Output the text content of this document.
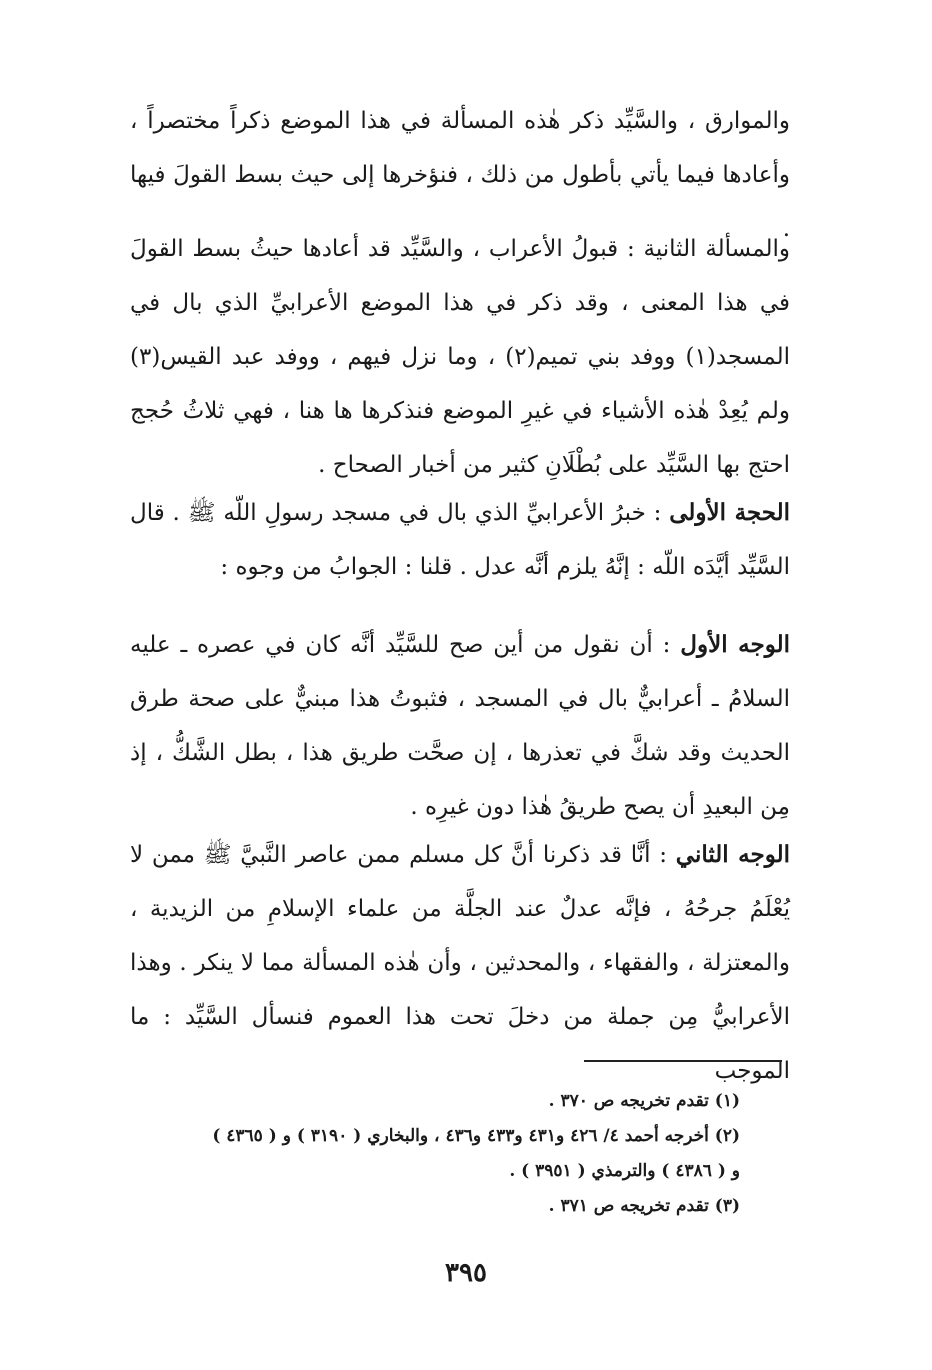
والموارق ، والسَّيِّد ذكر هٰذه المسألة في هذا الموضع ذكراً مختصراً ، وأعادها فيما يأتي بأطول من ذلك ، فنؤخرها إلى حيث بسط القولَ فيها .

والمسألة الثانية : قبولُ الأعراب ، والسَّيِّد قد أعادها حيثُ بسط القولَ في هذا المعنى ، وقد ذكر في هذا الموضع الأعرابيِّ الذي بال في المسجد(١) ووفد بني تميم(٢) ، وما نزل فيهم ، ووفد عبد القيس(٣) ولم يُعِدْ هٰذه الأشياء في غيرِ الموضع فنذكرها ها هنا ، فهي ثلاثُ حُجج احتج بها السَّيِّد على بُطْلَانِ كثير من أخبار الصحاح .

الحجة الأولى : خبرُ الأعرابيِّ الذي بال في مسجد رسولِ اللّه ﷺ . قال السَّيِّد أيَّدَه اللّه : إنَّهُ يلزم أنَّه عدل . قلنا : الجوابُ من وجوه :

الوجه الأول : أن نقول من أين صح للسَّيِّد أنَّه كان في عصره ـ عليه السلامُ ـ أعرابيٌّ بال في المسجد ، فثبوتُ هذا مبنيٌّ على صحة طرق الحديث وقد شكَّ في تعذرها ، إن صحَّت طريق هذا ، بطل الشَّكُّ ، إذ مِن البعيدِ أن يصح طريقُ هٰذا دون غيرِه .

الوجه الثاني : أنَّا قد ذكرنا أنَّ كل مسلم ممن عاصر النَّبيَّ ﷺ ممن لا يُعْلَمُ جرحُهُ ، فإنَّه عدلٌ عند الجلَّة من علماء الإسلامِ من الزيدية ، والمعتزلة ، والفقهاء ، والمحدثين ، وأن هٰذه المسألة مما لا ينكر . وهذا الأعرابيُّ مِن جملة من دخلَ تحت هذا العموم فنسأل السَّيِّد : ما الموجب

(١) تقدم تخريجه ص ٣٧٠ .

(٢) أخرجه أحمد ٤/ ٤٢٦ و٤٣١ و٤٣٣ و٤٣٦ ، والبخاري ( ٣١٩٠ ) و ( ٤٣٦٥ )

و ( ٤٣٨٦ ) والترمذي ( ٣٩٥١ ) .

(٣) تقدم تخريجه ص ٣٧١ .

٣٩٥
